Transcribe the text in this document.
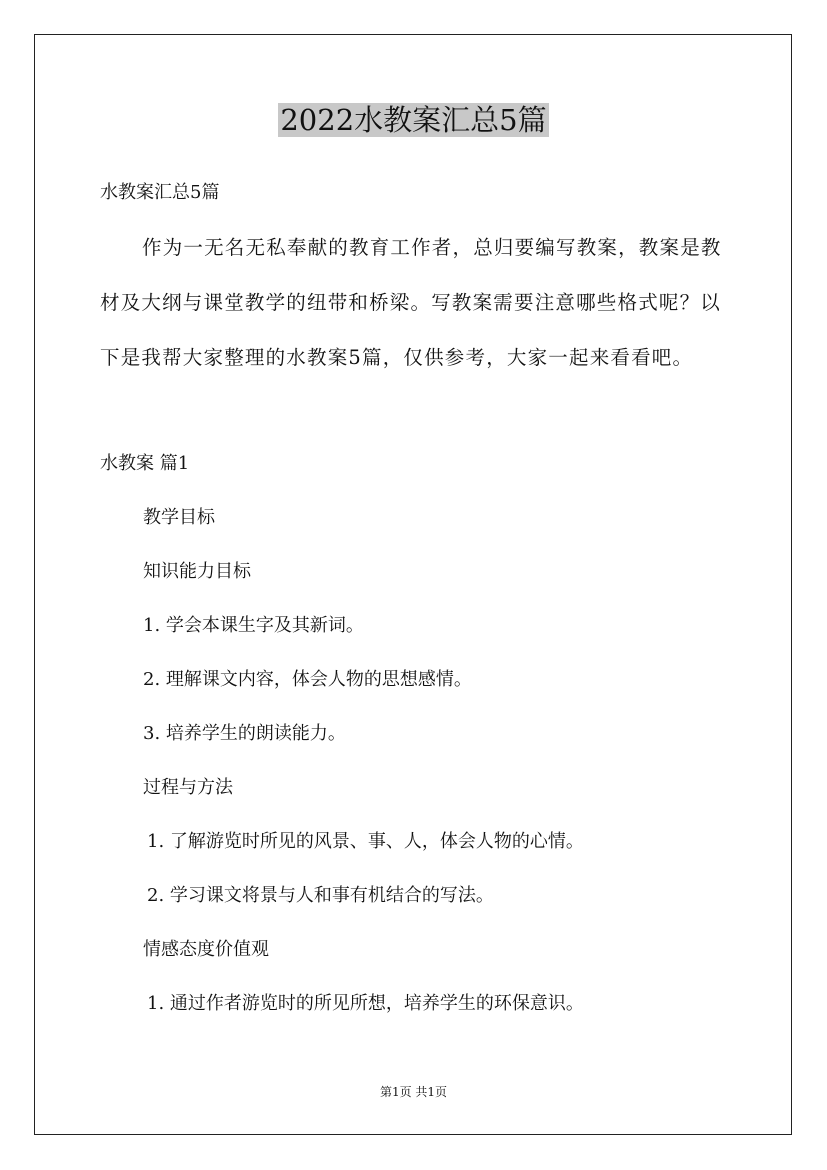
2022水教案汇总5篇
水教案汇总5篇
作为一无名无私奉献的教育工作者，总归要编写教案，教案是教材及大纲与课堂教学的纽带和桥梁。写教案需要注意哪些格式呢？以下是我帮大家整理的水教案5篇，仅供参考，大家一起来看看吧。
水教案 篇1
教学目标
知识能力目标
1. 学会本课生字及其新词。
2. 理解课文内容，体会人物的思想感情。
3. 培养学生的朗读能力。
过程与方法
1. 了解游览时所见的风景、事、人，体会人物的心情。
2. 学习课文将景与人和事有机结合的写法。
情感态度价值观
1. 通过作者游览时的所见所想，培养学生的环保意识。
第1页 共1页
